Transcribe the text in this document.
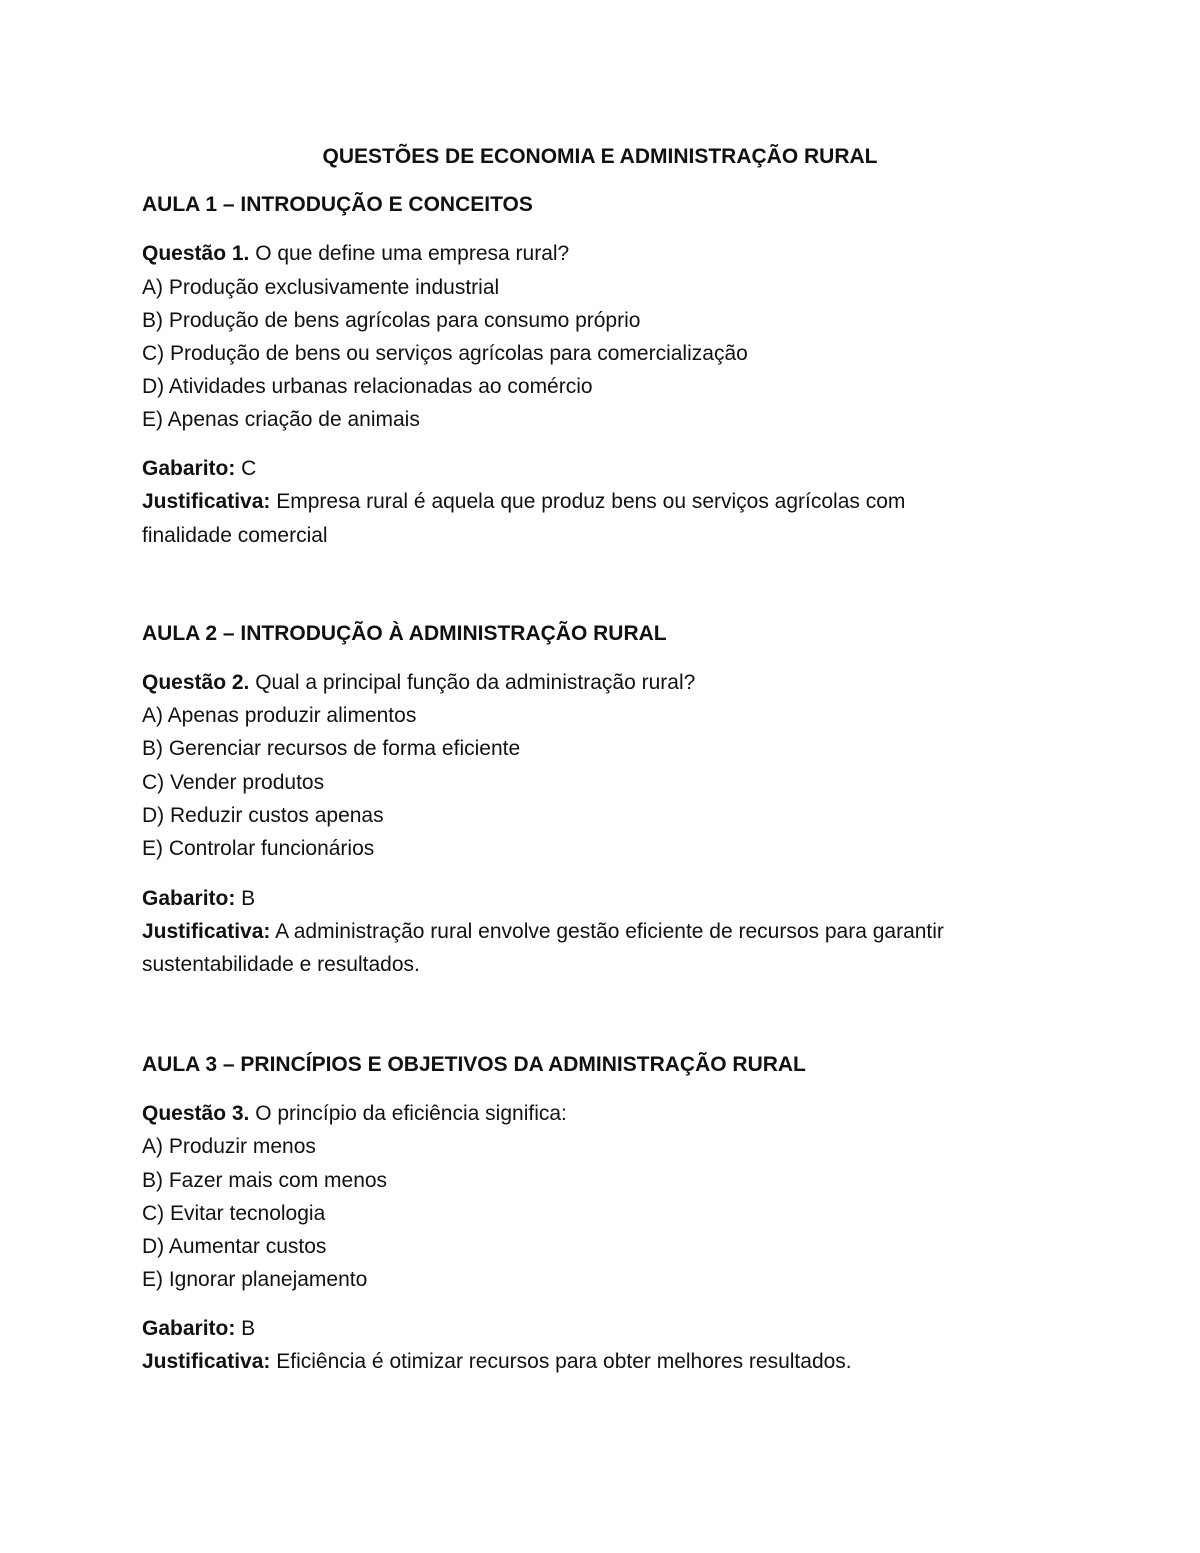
QUESTÕES DE ECONOMIA E ADMINISTRAÇÃO RURAL
AULA 1 – INTRODUÇÃO E CONCEITOS
Questão 1. O que define uma empresa rural?
A) Produção exclusivamente industrial
B) Produção de bens agrícolas para consumo próprio
C) Produção de bens ou serviços agrícolas para comercialização
D) Atividades urbanas relacionadas ao comércio
E) Apenas criação de animais
Gabarito: C
Justificativa: Empresa rural é aquela que produz bens ou serviços agrícolas com
finalidade comercial
AULA 2 – INTRODUÇÃO À ADMINISTRAÇÃO RURAL
Questão 2. Qual a principal função da administração rural?
A) Apenas produzir alimentos
B) Gerenciar recursos de forma eficiente
C) Vender produtos
D) Reduzir custos apenas
E) Controlar funcionários
Gabarito: B
Justificativa: A administração rural envolve gestão eficiente de recursos para garantir
sustentabilidade e resultados.
AULA 3 – PRINCÍPIOS E OBJETIVOS DA ADMINISTRAÇÃO RURAL
Questão 3. O princípio da eficiência significa:
A) Produzir menos
B) Fazer mais com menos
C) Evitar tecnologia
D) Aumentar custos
E) Ignorar planejamento
Gabarito: B
Justificativa: Eficiência é otimizar recursos para obter melhores resultados.
